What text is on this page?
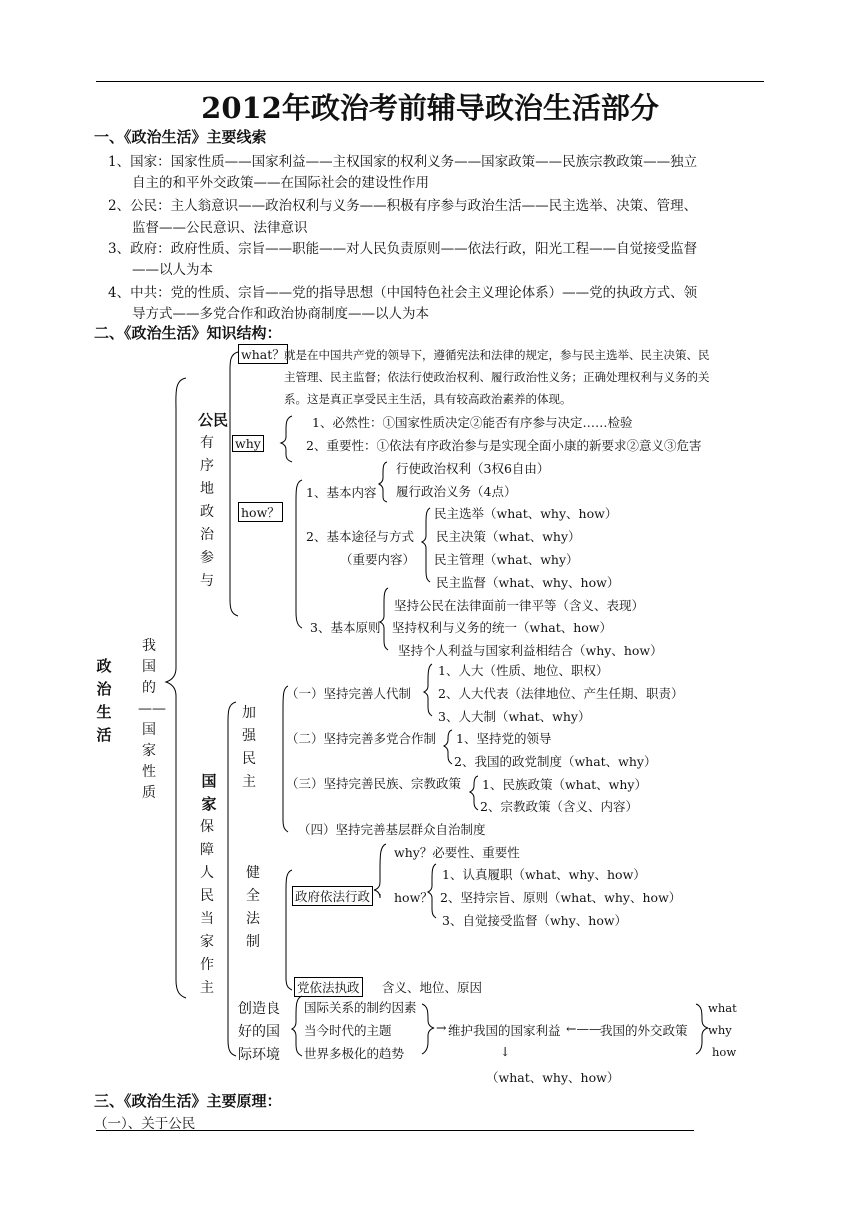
2012年政治考前辅导政治生活部分
一、《政治生活》主要线索
1、国家：国家性质——国家利益——主权国家的权利义务——国家政策——民族宗教政策——独立
自主的和平外交政策——在国际社会的建设性作用
2、公民：主人翁意识——政治权利与义务——积极有序参与政治生活——民主选举、决策、管理、
监督——公民意识、法律意识
3、政府：政府性质、宗旨——职能——对人民负责原则——依法行政，阳光工程——自觉接受监督
——以人为本
4、中共：党的性质、宗旨——党的指导思想（中国特色社会主义理论体系）——党的执政方式、领
导方式——多党合作和政治协商制度——以人为本
二、《政治生活》知识结构：
政治生活
我国的——国家性质
公民
有序地政治参与
what？ 就是在中国共产党的领导下，遵循宪法和法律的规定，参与民主选举、民主决策、民
主管理、民主监督；依法行使政治权利、履行政治性义务；正确处理权利与义务的关
系。这是真正享受民主生活，具有较高政治素养的体现。
why
1、必然性：①国家性质决定②能否有序参与决定……检验
2、重要性：①依法有序政治参与是实现全面小康的新要求②意义③危害
how？
1、基本内容
行使政治权利（3权6自由）
履行政治义务（4点）
2、基本途径与方式
（重要内容）
民主选举（what、why、how）
民主决策（what、why）
民主管理（what、why）
民主监督（what、why、how）
3、基本原则
坚持公民在法律面前一律平等（含义、表现）
坚持权利与义务的统一（what、how）
坚持个人利益与国家利益相结合（why、how）
国家
保障人民当家作主
加强民主
（一）坚持完善人代制
1、人大（性质、地位、职权）
2、人大代表（法律地位、产生任期、职责）
3、人大制（what、why）
（二）坚持完善多党合作制 1、坚持党的领导
2、我国的政党制度（what、why）
（三）坚持完善民族、宗教政策 1、民族政策（what、why）
2、宗教政策（含义、内容）
（四）坚持完善基层群众自治制度
健全法制
政府依法行政
why？必要性、重要性
how？
1、认真履职（what、why、how）
2、坚持宗旨、原则（what、why、how）
3、自觉接受监督（why、how）
党依法执政 含义、地位、原因
创造良
好的国
际环境
国际关系的制约因素
当今时代的主题
世界多极化的趋势
→ 维护我国的国家利益 ←——
我国的外交政策
what
why
how
↓
（what、why、how）
三、《政治生活》主要原理：
（一）、关于公民
